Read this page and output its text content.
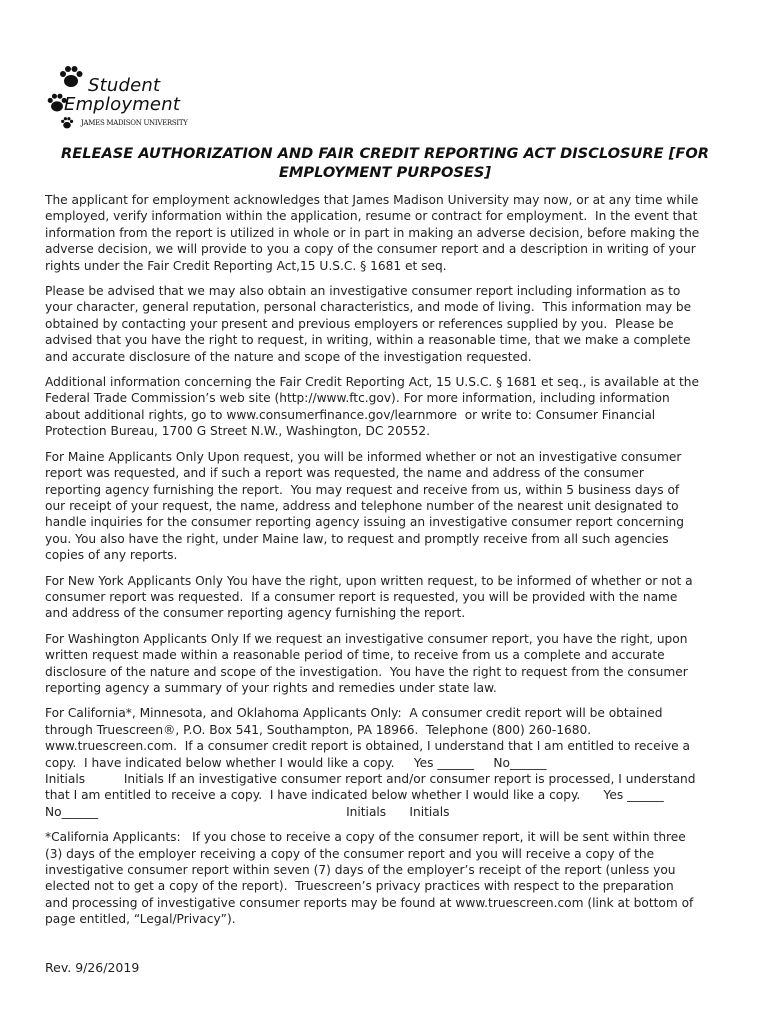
Student
Employment
JAMES MADISON UNIVERSITY
RELEASE AUTHORIZATION AND FAIR CREDIT REPORTING ACT DISCLOSURE [FOR
EMPLOYMENT PURPOSES]

The applicant for employment acknowledges that James Madison University may now, or at any time while
employed, verify information within the application, resume or contract for employment.  In the event that
information from the report is utilized in whole or in part in making an adverse decision, before making the
adverse decision, we will provide to you a copy of the consumer report and a description in writing of your
rights under the Fair Credit Reporting Act,15 U.S.C. § 1681 et seq.

Please be advised that we may also obtain an investigative consumer report including information as to
your character, general reputation, personal characteristics, and mode of living.  This information may be
obtained by contacting your present and previous employers or references supplied by you.  Please be
advised that you have the right to request, in writing, within a reasonable time, that we make a complete
and accurate disclosure of the nature and scope of the investigation requested.

Additional information concerning the Fair Credit Reporting Act, 15 U.S.C. § 1681 et seq., is available at the
Federal Trade Commission’s web site (http://www.ftc.gov). For more information, including information
about additional rights, go to www.consumerfinance.gov/learnmore  or write to: Consumer Financial
Protection Bureau, 1700 G Street N.W., Washington, DC 20552.

For Maine Applicants Only Upon request, you will be informed whether or not an investigative consumer
report was requested, and if such a report was requested, the name and address of the consumer
reporting agency furnishing the report.  You may request and receive from us, within 5 business days of
our receipt of your request, the name, address and telephone number of the nearest unit designated to
handle inquiries for the consumer reporting agency issuing an investigative consumer report concerning
you. You also have the right, under Maine law, to request and promptly receive from all such agencies
copies of any reports.

For New York Applicants Only You have the right, upon written request, to be informed of whether or not a
consumer report was requested.  If a consumer report is requested, you will be provided with the name
and address of the consumer reporting agency furnishing the report.

For Washington Applicants Only If we request an investigative consumer report, you have the right, upon
written request made within a reasonable period of time, to receive from us a complete and accurate
disclosure of the nature and scope of the investigation.  You have the right to request from the consumer
reporting agency a summary of your rights and remedies under state law.

For California*, Minnesota, and Oklahoma Applicants Only:  A consumer credit report will be obtained
through Truescreen®, P.O. Box 541, Southampton, PA 18966.  Telephone (800) 260-1680.
www.truescreen.com.  If a consumer credit report is obtained, I understand that I am entitled to receive a
copy.  I have indicated below whether I would like a copy.     Yes ______     No______
Initials          Initials If an investigative consumer report and/or consumer report is processed, I understand
that I am entitled to receive a copy.  I have indicated below whether I would like a copy.      Yes ______
No______                                                                Initials      Initials

*California Applicants:   If you chose to receive a copy of the consumer report, it will be sent within three
(3) days of the employer receiving a copy of the consumer report and you will receive a copy of the
investigative consumer report within seven (7) days of the employer’s receipt of the report (unless you
elected not to get a copy of the report).  Truescreen’s privacy practices with respect to the preparation
and processing of investigative consumer reports may be found at www.truescreen.com (link at bottom of
page entitled, “Legal/Privacy”).

Rev. 9/26/2019
